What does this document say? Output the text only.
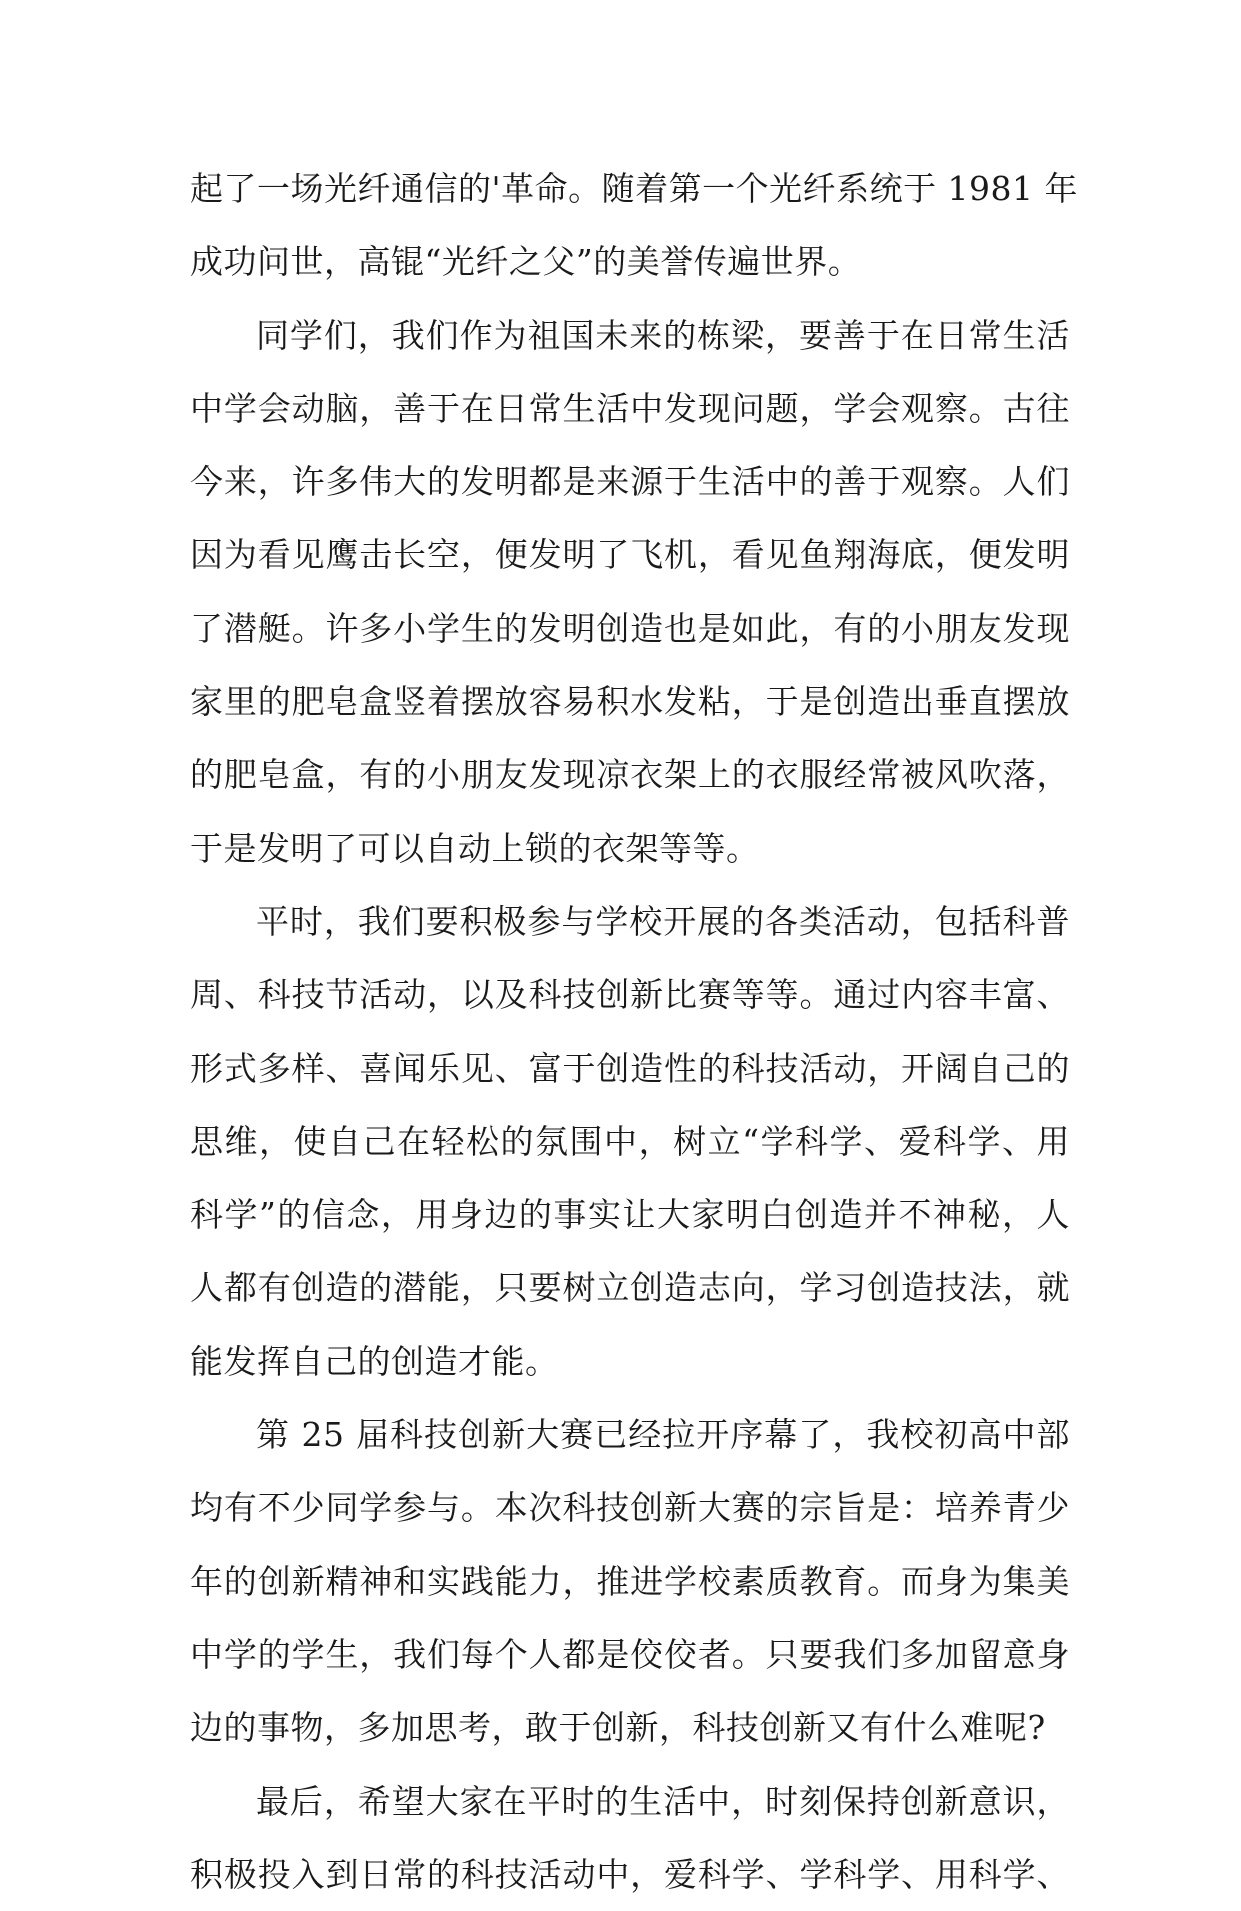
起了一场光纤通信的'革命。随着第一个光纤系统于 1981 年
成功问世，高锟“光纤之父”的美誉传遍世界。
同学们，我们作为祖国未来的栋梁，要善于在日常生活
中学会动脑，善于在日常生活中发现问题，学会观察。古往
今来，许多伟大的发明都是来源于生活中的善于观察。人们
因为看见鹰击长空，便发明了飞机，看见鱼翔海底，便发明
了潜艇。许多小学生的发明创造也是如此，有的小朋友发现
家里的肥皂盒竖着摆放容易积水发粘，于是创造出垂直摆放
的肥皂盒，有的小朋友发现凉衣架上的衣服经常被风吹落，
于是发明了可以自动上锁的衣架等等。
平时，我们要积极参与学校开展的各类活动，包括科普
周、科技节活动，以及科技创新比赛等等。通过内容丰富、
形式多样、喜闻乐见、富于创造性的科技活动，开阔自己的
思维，使自己在轻松的氛围中，树立“学科学、爱科学、用
科学”的信念，用身边的事实让大家明白创造并不神秘，人
人都有创造的潜能，只要树立创造志向，学习创造技法，就
能发挥自己的创造才能。
第 25 届科技创新大赛已经拉开序幕了，我校初高中部
均有不少同学参与。本次科技创新大赛的宗旨是：培养青少
年的创新精神和实践能力，推进学校素质教育。而身为集美
中学的学生，我们每个人都是佼佼者。只要我们多加留意身
边的事物，多加思考，敢于创新，科技创新又有什么难呢?
最后，希望大家在平时的生活中，时刻保持创新意识，
积极投入到日常的科技活动中，爱科学、学科学、用科学、
